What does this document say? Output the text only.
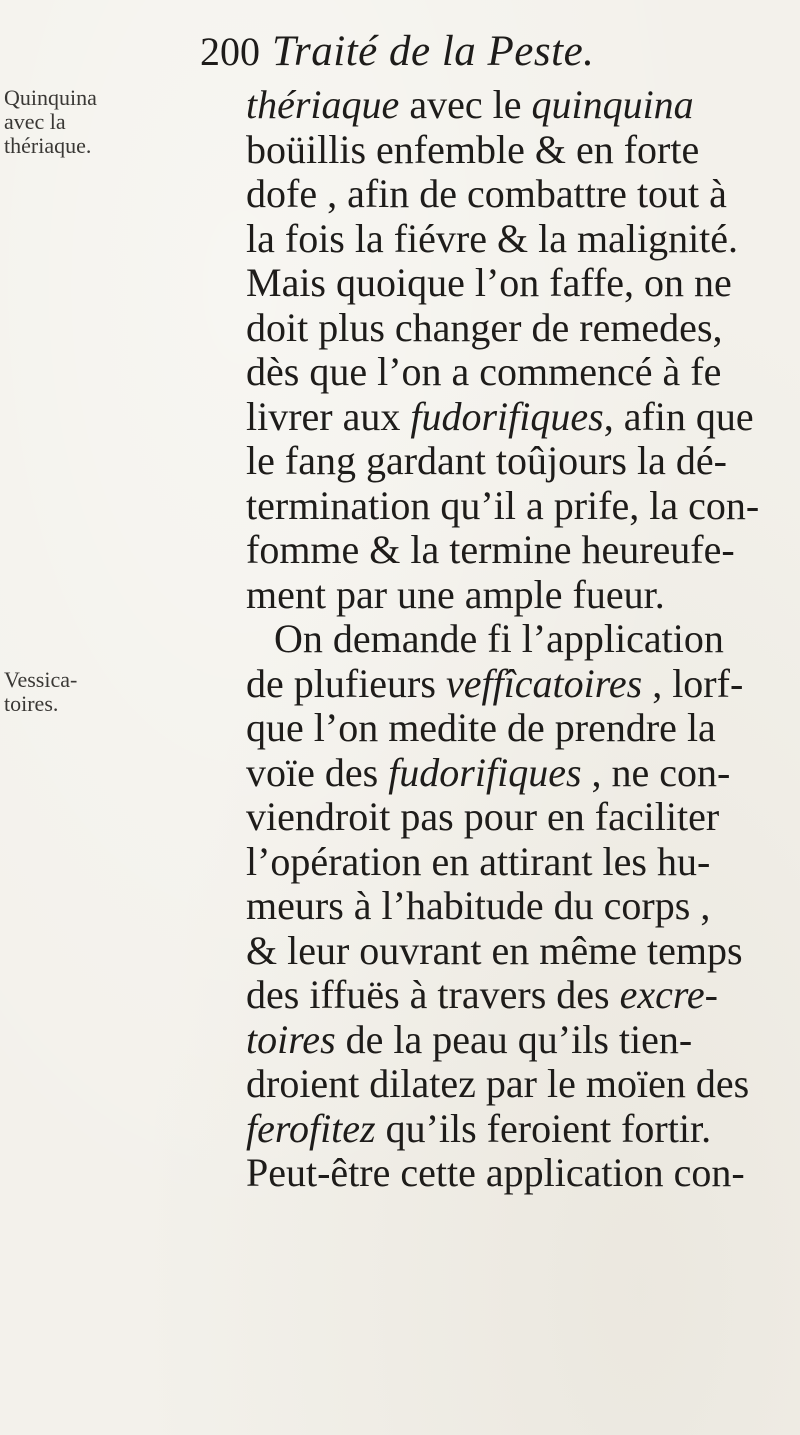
200 Traité de la Peste.
Quinquina
avec la
thériaque.
Vessica-
toires.
thériaque avec le quinquina
boüillis enfemble & en forte
dofe , afin de combattre tout à
la fois la fiévre & la malignité.
Mais quoique l’on faffe, on ne
doit plus changer de remedes,
dès que l’on a commencé à fe
livrer aux fudorifiques, afin que
le fang gardant toûjours la dé-
termination qu’il a prife, la con-
fomme & la termine heureufe-
ment par une ample fueur.
On demande fi l’application
de plufieurs veffîcatoires , lorf-
que l’on medite de prendre la
voïe des fudorifiques , ne con-
viendroit pas pour en faciliter
l’opération en attirant les hu-
meurs à l’habitude du corps ,
& leur ouvrant en même temps
des iffuës à travers des excre-
toires de la peau qu’ils tien-
droient dilatez par le moïen des
ferofitez qu’ils feroient fortir.
Peut-être cette application con-
